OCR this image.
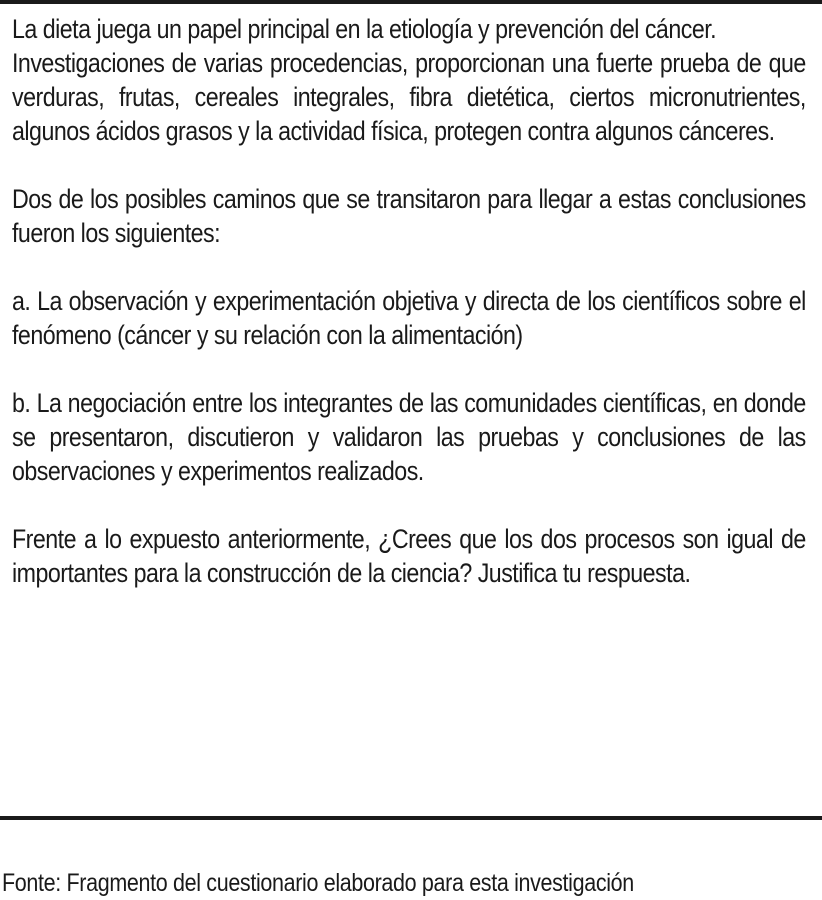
La dieta juega un papel principal en la etiología y prevención del cáncer.

Investigaciones de varias procedencias, proporcionan una fuerte prueba de que verduras, frutas, cereales integrales, fibra dietética, ciertos micronutrientes, algunos ácidos grasos y la actividad física, protegen contra algunos cánceres.

Dos de los posibles caminos que se transitaron para llegar a estas conclusiones fueron los siguientes:

a. La observación y experimentación objetiva y directa de los científicos sobre el fenómeno (cáncer y su relación con la alimentación)

b. La negociación entre los integrantes de las comunidades científicas, en donde se presentaron, discutieron y validaron las pruebas y conclusiones de las observaciones y experimentos realizados.

Frente a lo expuesto anteriormente, ¿Crees que los dos procesos son igual de importantes para la construcción de la ciencia? Justifica tu respuesta.

Fonte: Fragmento del cuestionario elaborado para esta investigación
